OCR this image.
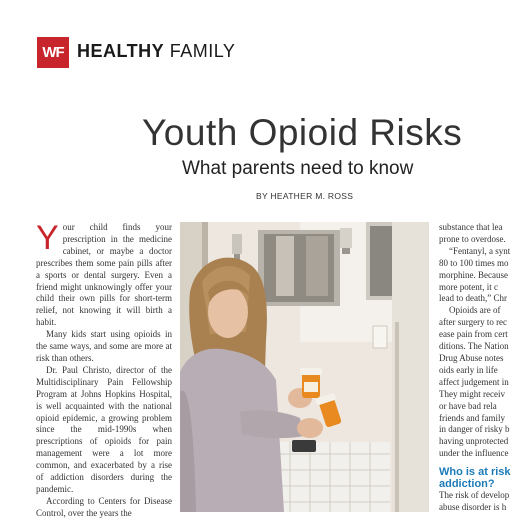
WF HEALTHY FAMILY
Youth Opioid Risks
What parents need to know
BY HEATHER M. ROSS

Your child finds your prescription in the medicine cabinet, or maybe a doctor prescribes them some pain pills after a sports or dental surgery. Even a friend might unknowingly offer your child their own pills for short-term relief, not knowing it will birth a habit.

Many kids start using opioids in the same ways, and some are more at risk than others.

Dr. Paul Christo, director of the Multidisciplinary Pain Fellowship Program at Johns Hopkins Hospital, is well acquainted with the national opioid epidemic, a growing problem since the mid-1990s when prescriptions of opioids for pain management were a lot more common, and exacerbated by a rise of addiction disorders during the pandemic.

According to Centers for Disease Control, over the years the

substance that lea
prone to overdose.
“Fentanyl, a synt
80 to 100 times mo
morphine. Because
more potent, it c
lead to death,” Chr
Opioids are of
after surgery to rec
ease pain from cert
ditions. The Nation
Drug Abuse notes
oids early in life
affect judgement in
They might receiv
or have bad rela
friends and family
in danger of risky b
having unprotected
under the influence
Who is at risk
addiction?
The risk of develop
abuse disorder is h
